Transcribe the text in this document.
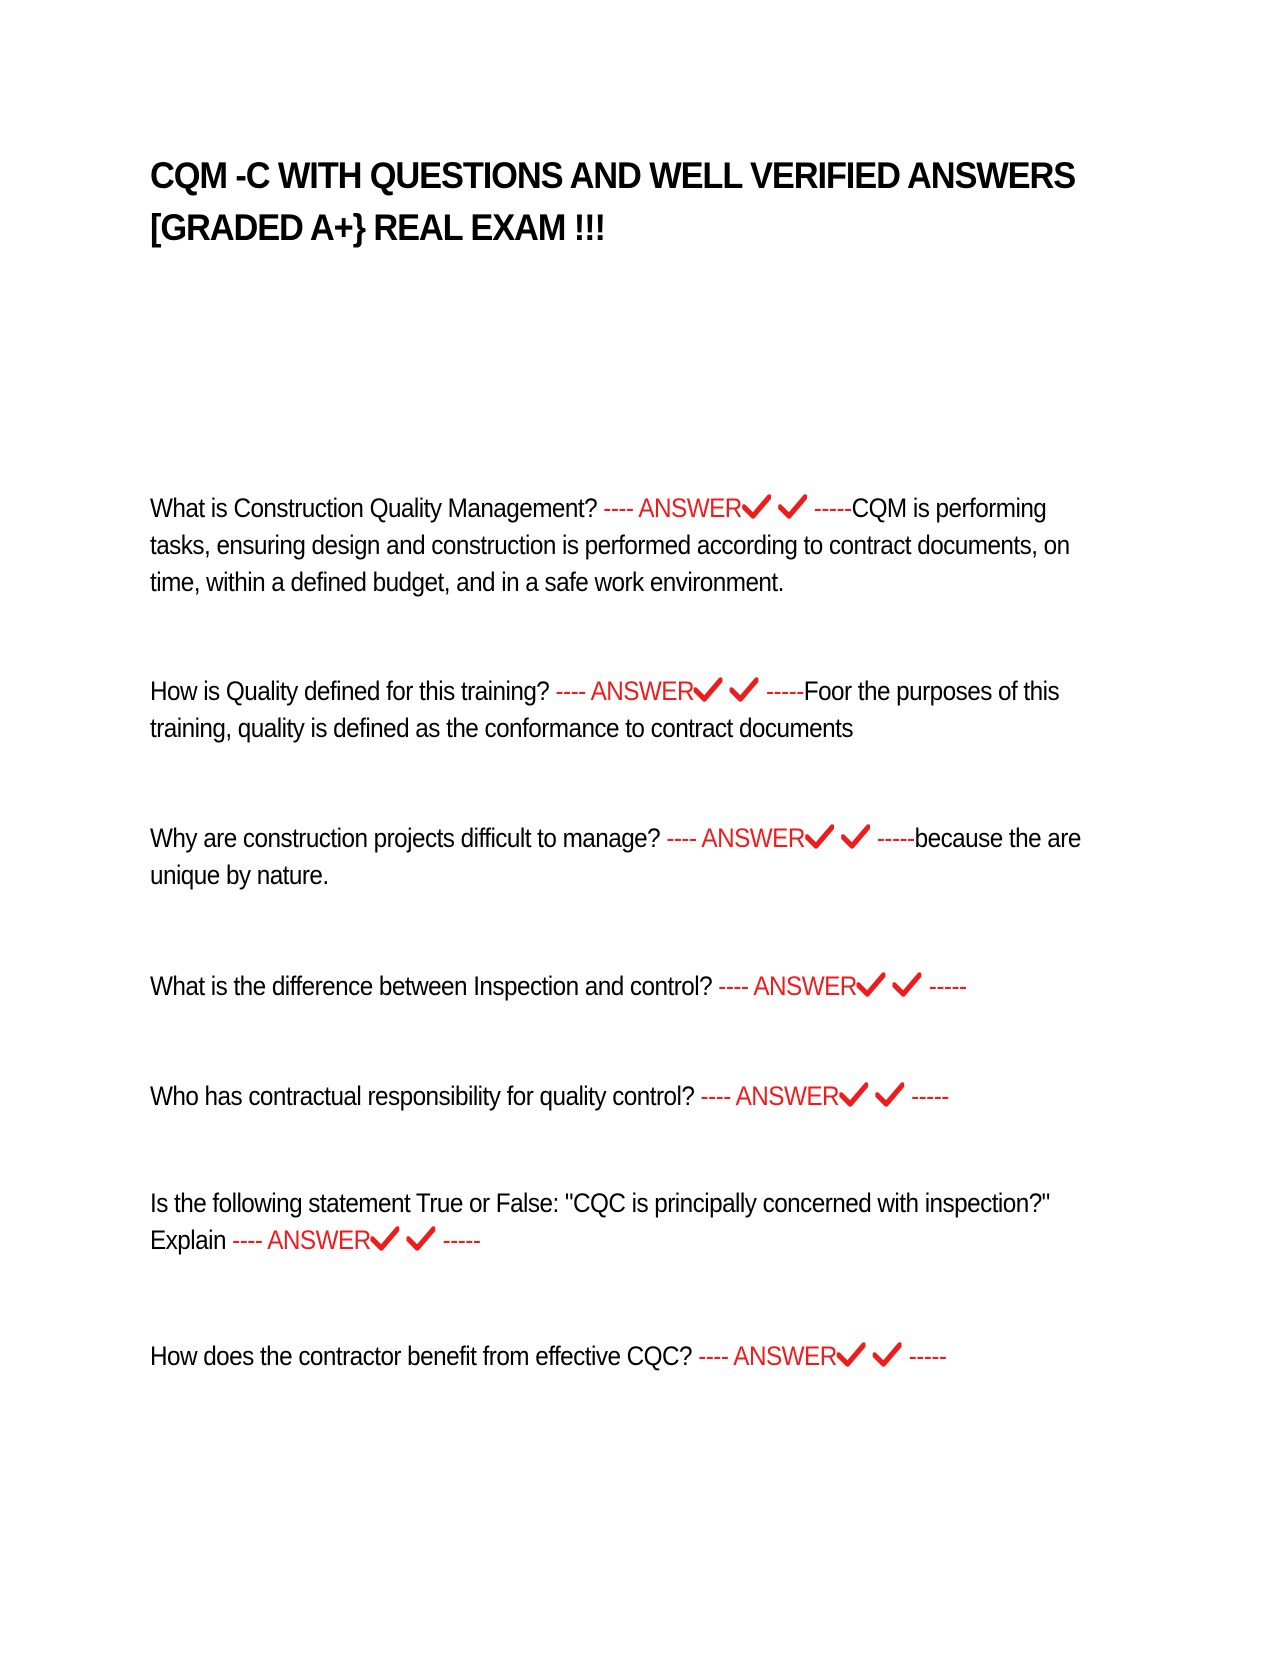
CQM -C WITH QUESTIONS AND WELL VERIFIED ANSWERS
[GRADED A+} REAL EXAM !!!
What is Construction Quality Management? ---- ANSWER	-----CQM is performing
tasks, ensuring design and construction is performed according to contract documents, on
time, within a defined budget, and in a safe work environment.
How is Quality defined for this training? ---- ANSWER	-----Foor the purposes of this
training, quality is defined as the conformance to contract documents
Why are construction projects difficult to manage? ---- ANSWER	-----because the are
unique by nature.
What is the difference between Inspection and control? ---- ANSWER	-----
Who has contractual responsibility for quality control? ---- ANSWER	-----
Is the following statement True or False: "CQC is principally concerned with inspection?"
Explain ---- ANSWER	-----
How does the contractor benefit from effective CQC? ---- ANSWER	-----
